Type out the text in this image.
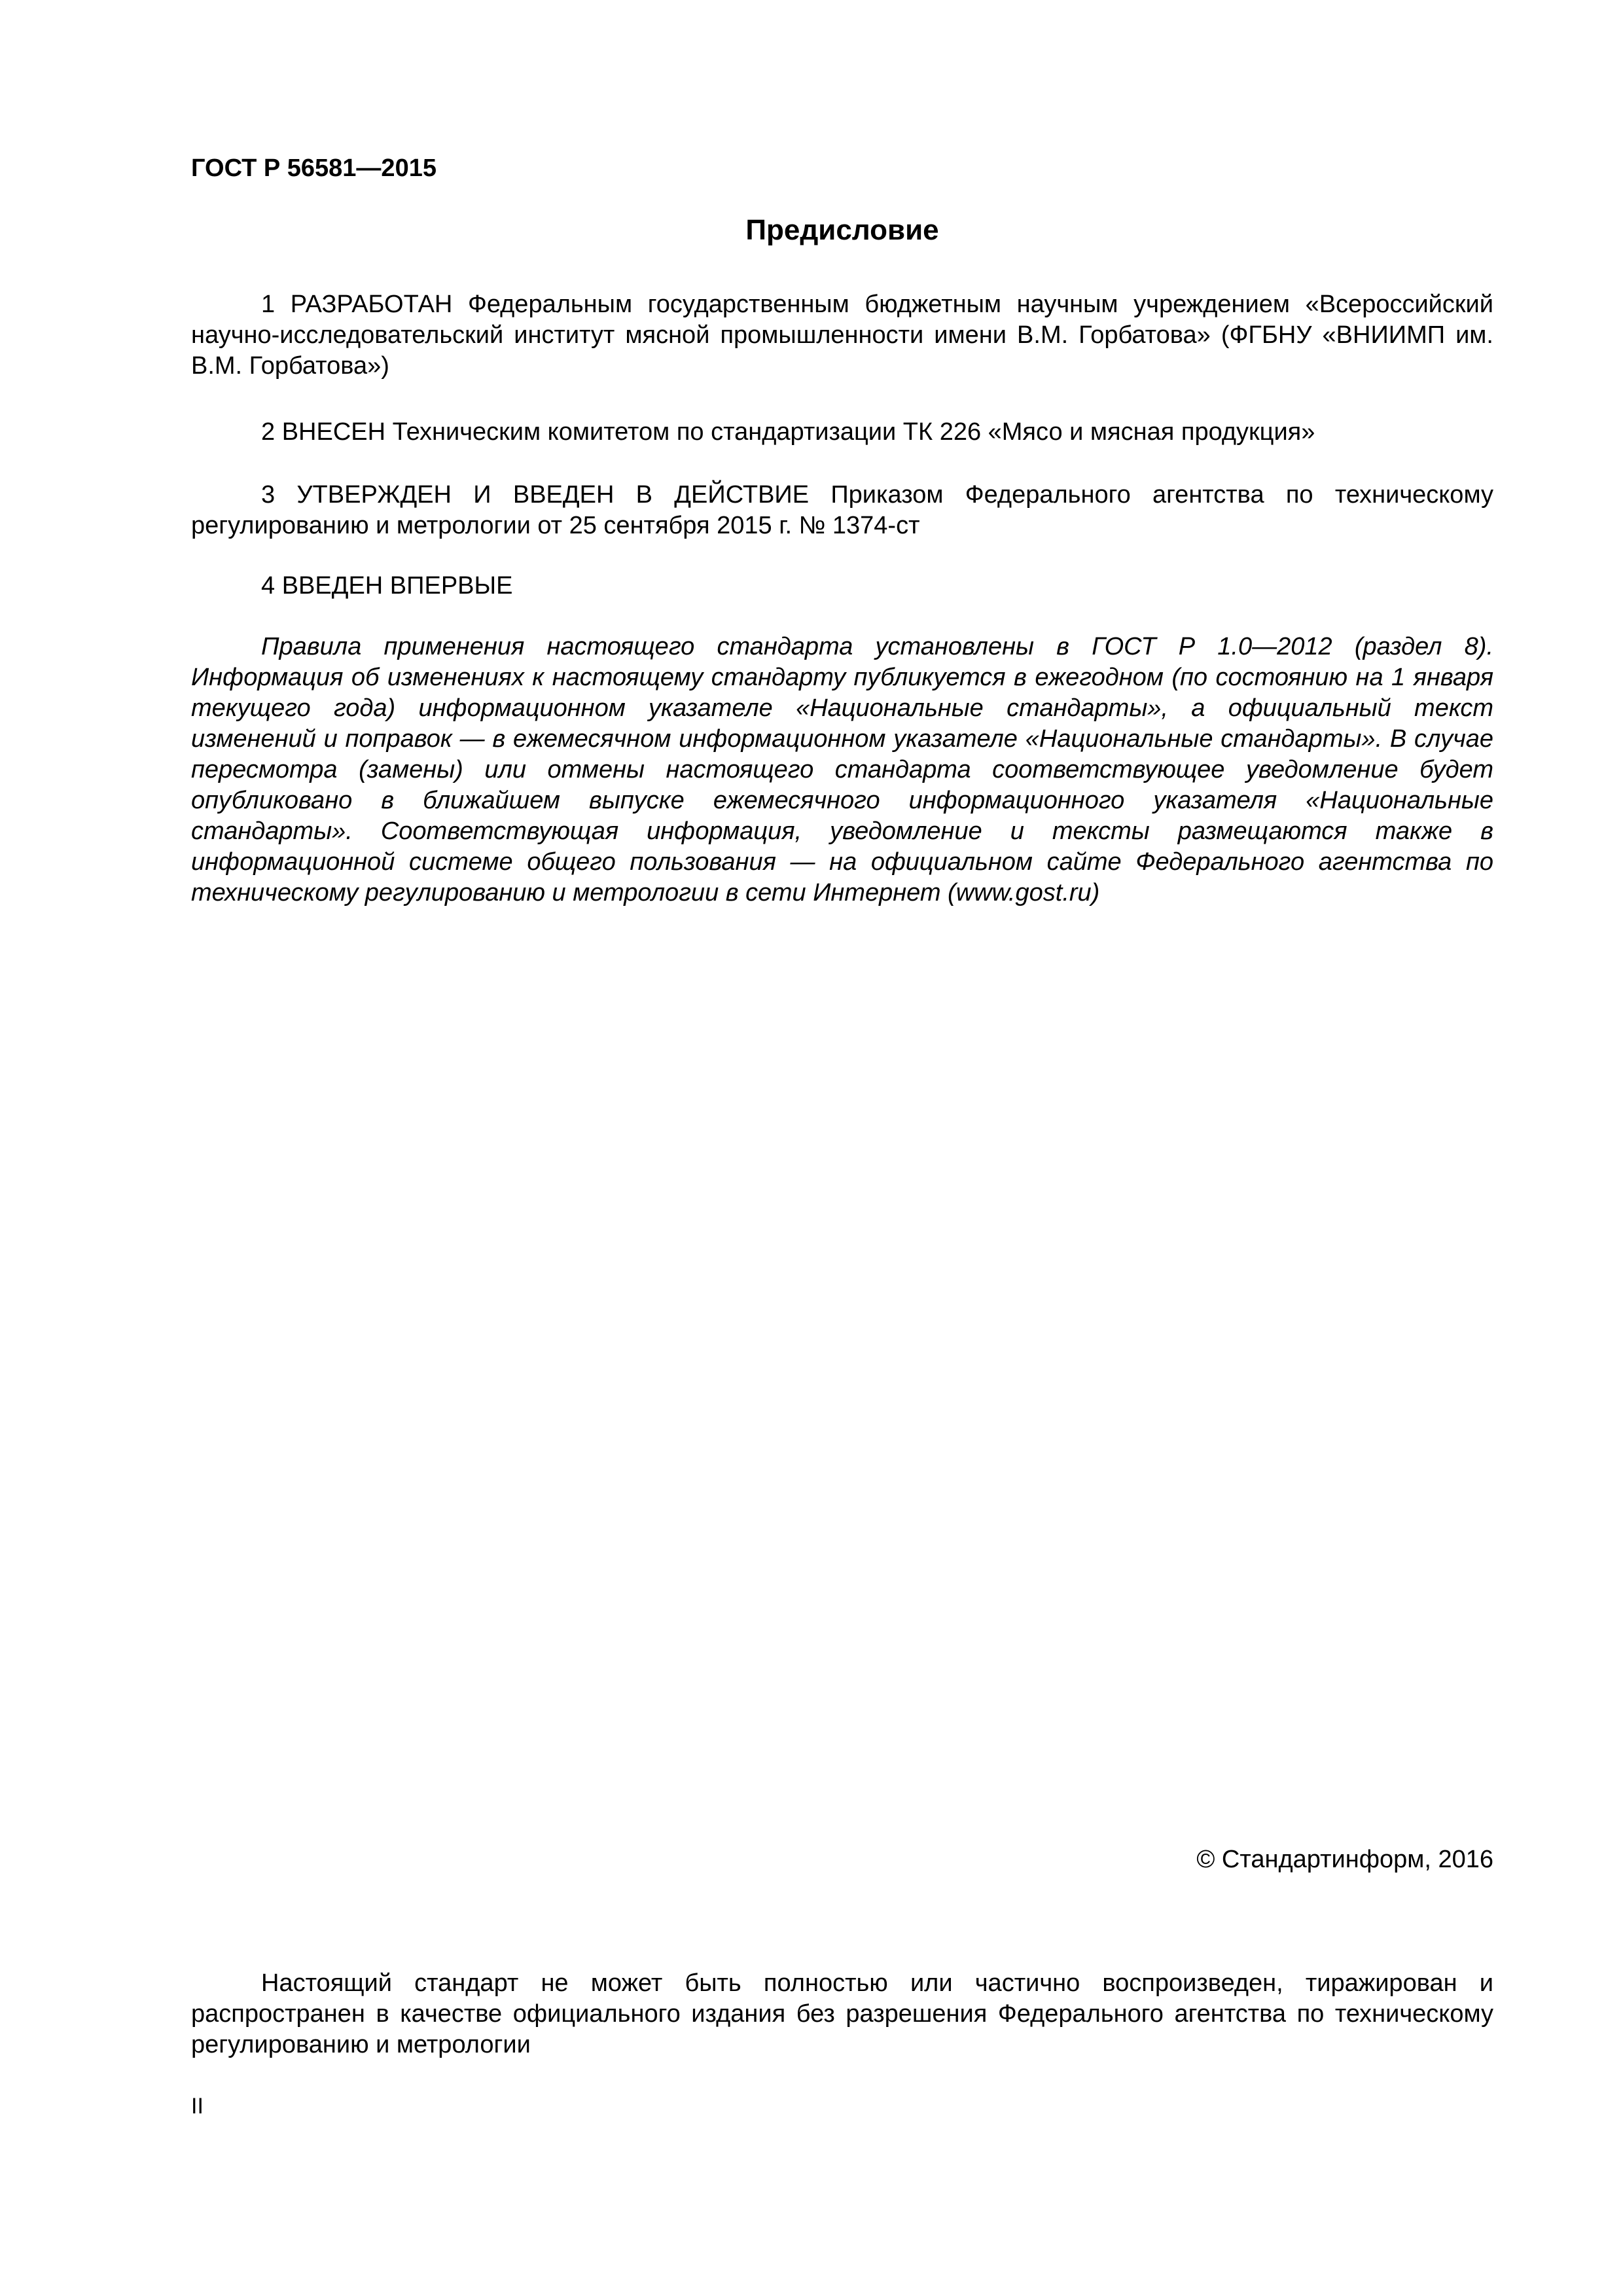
ГОСТ Р 56581—2015
Предисловие
1 РАЗРАБОТАН Федеральным государственным бюджетным научным учреждением «Всероссийский научно-исследовательский институт мясной промышленности имени В.М. Горбатова» (ФГБНУ «ВНИИМП им. В.М. Горбатова»)
2 ВНЕСЕН Техническим комитетом по стандартизации ТК 226 «Мясо и мясная продукция»
3 УТВЕРЖДЕН И ВВЕДЕН В ДЕЙСТВИЕ Приказом Федерального агентства по техническому регулированию и метрологии от 25 сентября 2015 г. № 1374-ст
4 ВВЕДЕН ВПЕРВЫЕ
Правила применения настоящего стандарта установлены в ГОСТ Р 1.0—2012 (раздел 8). Информация об изменениях к настоящему стандарту публикуется в ежегодном (по состоянию на 1 января текущего года) информационном указателе «Национальные стандарты», а официальный текст изменений и поправок — в ежемесячном информационном указателе «Национальные стандарты». В случае пересмотра (замены) или отмены настоящего стандарта соответствующее уведомление будет опубликовано в ближайшем выпуске ежемесячного информационного указателя «Национальные стандарты». Соответствующая информация, уведомление и тексты размещаются также в информационной системе общего пользования — на официальном сайте Федерального агентства по техническому регулированию и метрологии в сети Интернет (www.gost.ru)
© Стандартинформ, 2016
Настоящий стандарт не может быть полностью или частично воспроизведен, тиражирован и распространен в качестве официального издания без разрешения Федерального агентства по техническому регулированию и метрологии
II
